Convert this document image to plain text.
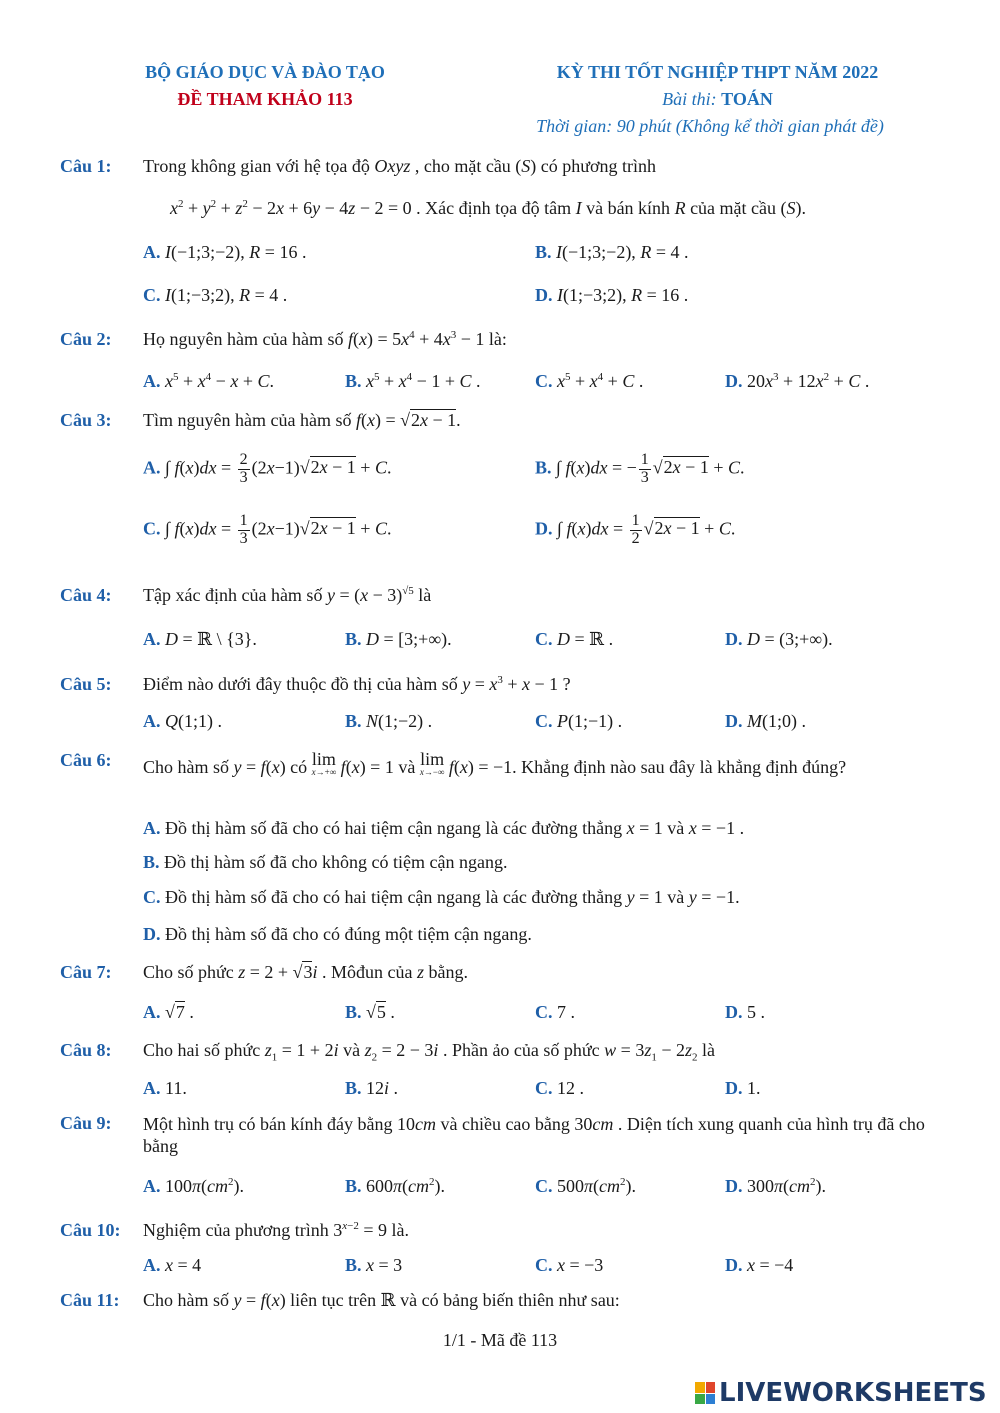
BỘ GIÁO DỤC VÀ ĐÀO TẠO
ĐỀ THAM KHẢO 113
KỲ THI TỐT NGHIỆP THPT NĂM 2022
Bài thi: TOÁN
Thời gian: 90 phút (Không kể thời gian phát đề)
Câu 1: Trong không gian với hệ tọa độ Oxyz , cho mặt cầu (S) có phương trình
$x^2 + y^2 + z^2 - 2x + 6y - 4z - 2 = 0$ . Xác định tọa độ tâm I và bán kính R của mặt cầu (S).
A. I(−1;3;−2), R = 16 .	B. I(−1;3;−2), R = 4 .
C. I(1;−3;2), R = 4 .	D. I(1;−3;2), R = 16 .
Câu 2: Họ nguyên hàm của hàm số $f(x) = 5x^4 + 4x^3 - 1$ là:
A. $x^5 + x^4 - x + C$.	B. $x^5 + x^4 - 1 + C$ .	C. $x^5 + x^4 + C$ .	D. $20x^3 + 12x^2 + C$ .
Câu 3: Tìm nguyên hàm của hàm số f(x) = √2x − 1.
A. ∫ $f(x)dx = \frac{2}{3} (2x-1)√2x - 1 + C$.	B. ∫ f(x)dx = − $\frac{1}{3} √2x - 1 + C$.
C. ∫ $f(x)dx = \frac{1}{3} (2x-1)√2x - 1 + C$.	D. ∫ $f(x)dx = \frac{1}{2} √2x - 1 + C$.
Câu 4: Tập xác định của hàm số $y = (x - 3)^{√5}$ là
A. D = ℝ \ {3}.	B. D = [3;+∞).	C. D = ℝ .	D. D = (3;+∞).
Câu 5: Điểm nào dưới đây thuộc đồ thị của hàm số $y = x^3 + x - 1$ ?
A. Q(1;1) .	B. N(1;−2) .	C. P(1;−1) .	D. M(1;0) .
Câu 6: Cho hàm số y = f(x) có lim
x→+∞ f(x) = 1 và lim
x→−∞ f(x) = −1. Khẳng định nào sau đây là khẳng định đúng?
A. Đồ thị hàm số đã cho có hai tiệm cận ngang là các đường thẳng x = 1 và x = −1 .
B. Đồ thị hàm số đã cho không có tiệm cận ngang.
C. Đồ thị hàm số đã cho có hai tiệm cận ngang là các đường thẳng y = 1 và y = −1.
D. Đồ thị hàm số đã cho có đúng một tiệm cận ngang.
Câu 7: Cho số phức z = 2 + √3i . Môđun của z bằng.
A. √7 .	B. √5 .	C. 7 .	D. 5 .
Câu 8: Cho hai số phức $z_1 = 1 + 2i$ và $z_2 = 2 - 3i$ . Phần ảo của số phức $w = 3z_1 - 2z_2$ là
A. 11.	B. 12i .	C. 12 .	D. 1.
Câu 9: Một hình trụ có bán kính đáy bằng 10cm và chiều cao bằng 30cm . Diện tích xung quanh của hình trụ đã cho bằng
A. $100\pi(cm^2)$.	B. $600\pi(cm^2)$.	C. $500\pi(cm^2)$.	D. $300\pi(cm^2)$.
Câu 10: Nghiệm của phương trình $3^{x-2} = 9$ là.
A. x = 4	B. x = 3	C. x = −3	D. x = −4
Câu 11: Cho hàm số y = f(x) liên tục trên ℝ và có bảng biến thiên như sau:
1/1 - Mã đề 113
LIVEWORKSHEETS
